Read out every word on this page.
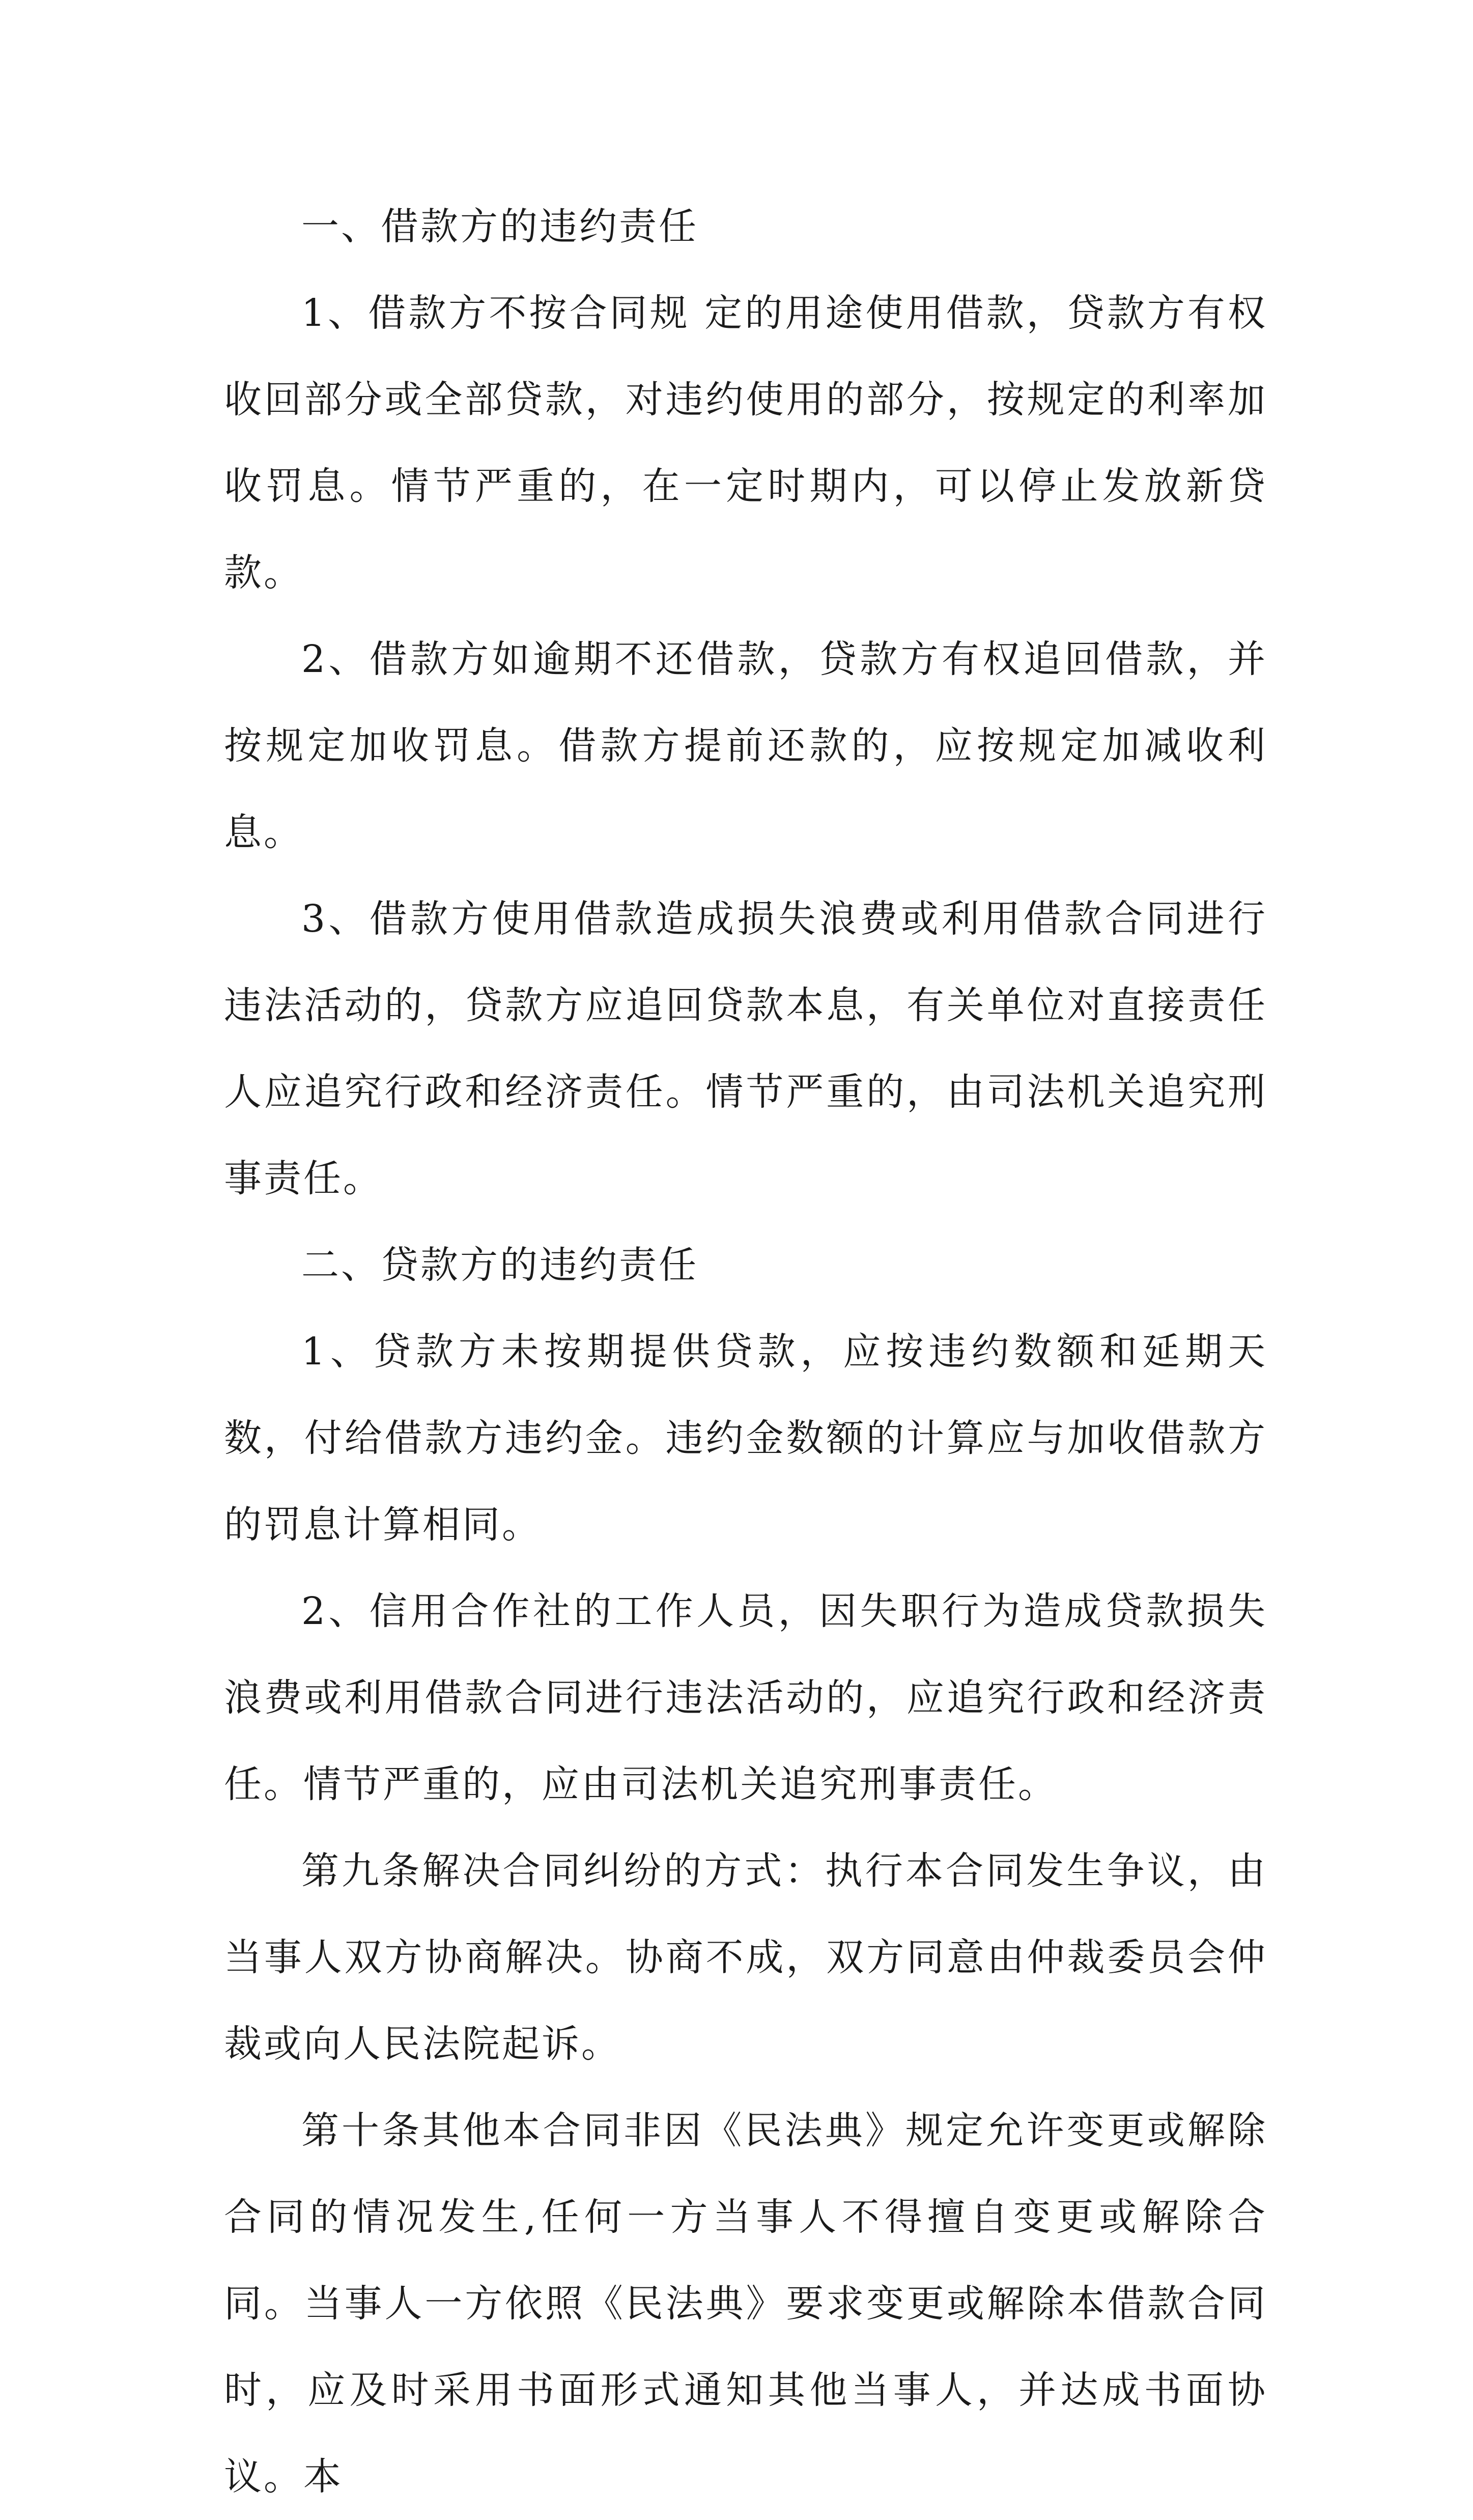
一、借款方的违约责任

1、借款方不按合同规 定的用途使用借款，贷款方有权收回部分或全部贷款，对违约使用的部分，按规定的利率加收罚息。情节严重的，在一定时期内，可以停止发放新贷款。

2、借款方如逾期不还借款，贷款方有权追回借款，并按规定加收罚息。借款方提前还款的，应按规定加减收利息。

3、借款方使用借款造成损失浪费或利用借款合同进行违法活动的，贷款方应追回贷款本息，有关单位对直接责任人应追究行政和经济责任。情节严重的，由司法机关追究刑事责任。

二、贷款方的违约责任

1、贷款方未按期提供贷款，应按违约数额和延期天数，付给借款方违约金。违约金数额的计算应与加收借款方的罚息计算相同。

2、信用合作社的工作人员，因失职行为造成贷款损失浪费或利用借款合同进行违法活动的，应追究行政和经济责任。情节严重的，应由司法机关追究刑事责任。

第九条解决合同纠纷的方式：执行本合同发生争议，由当事人双方协商解决。协商不成，双方同意由仲裁委员会仲裁或向人民法院起诉。

第十条其他本合同非因《民法典》规定允许变更或解除合同的情况发生,任何一方当事人不得擅自变更或解除合同。当事人一方依照《民法典》要求变更或解除本借款合同时，应及时采用书面形式通知其他当事人，并达成书面协议。本
